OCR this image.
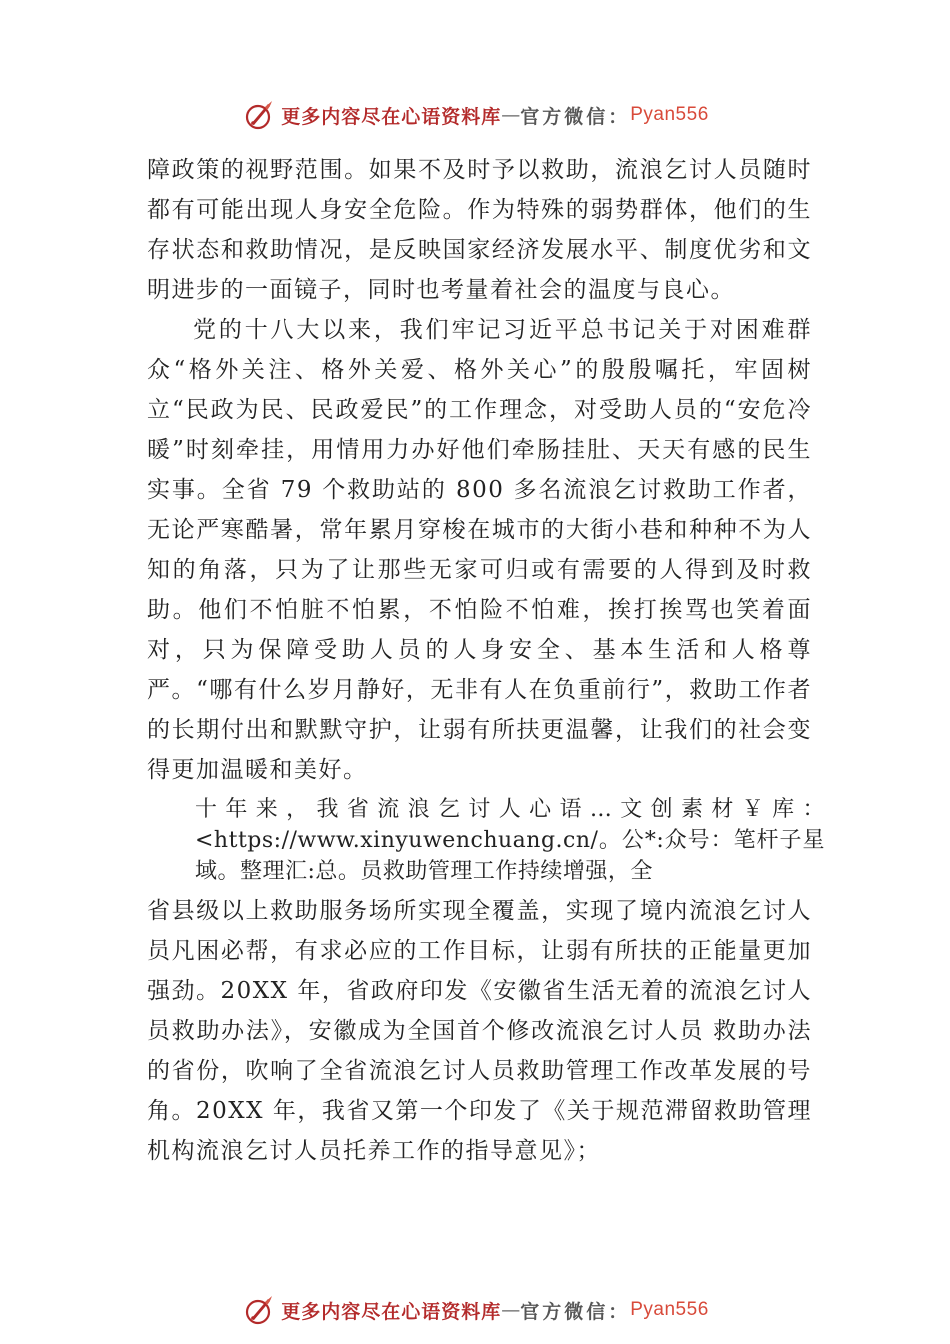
更多内容尽在心语资料库 — 官方微信： Pyan556

障政策的视野范围。如果不及时予以救助，流浪乞讨人员随时都有可能出现人身安全危险。作为特殊的弱势群体，他们的生存状态和救助情况，是反映国家经济发展水平、制度优劣和文明进步的一面镜子，同时也考量着社会的温度与良心。

党的十八大以来，我们牢记习近平总书记关于对困难群众“格外关注、格外关爱、格外关心”的殷殷嘱托，牢固树立“民政为民、民政爱民”的工作理念，对受助人员的“安危冷暖”时刻牵挂，用情用力办好他们牵肠挂肚、天天有感的民生实事。全省 79 个救助站的 800 多名流浪乞讨救助工作者，无论严寒酷暑，常年累月穿梭在城市的大街小巷和种种不为人知的角落，只为了让那些无家可归或有需要的人得到及时救助。他们不怕脏不怕累，不怕险不怕难，挨打挨骂也笑着面对，只为保障受助人员的人身安全、基本生活和人格尊严。“哪有什么岁月静好，无非有人在负重前行”，救助工作者的长期付出和默默守护，让弱有所扶更温馨，让我们的社会变得更加温暖和美好。

十年来，我省流浪乞讨人心语…文创素材￥库：<https://www.xinyuwenchuang.cn/。公*:众号：笔杆子星域。整理汇:总。员救助管理工作持续增强，全

省县级以上救助服务场所实现全覆盖，实现了境内流浪乞讨人员凡困必帮，有求必应的工作目标，让弱有所扶的正能量更加强劲。20XX 年，省政府印发《安徽省生活无着的流浪乞讨人员救助办法》，安徽成为全国首个修改流浪乞讨人员 救助办法的省份，吹响了全省流浪乞讨人员救助管理工作改革发展的号角。20XX 年，我省又第一个印发了《关于规范滞留救助管理机构流浪乞讨人员托养工作的指导意见》；

更多内容尽在心语资料库 — 官方微信： Pyan556
